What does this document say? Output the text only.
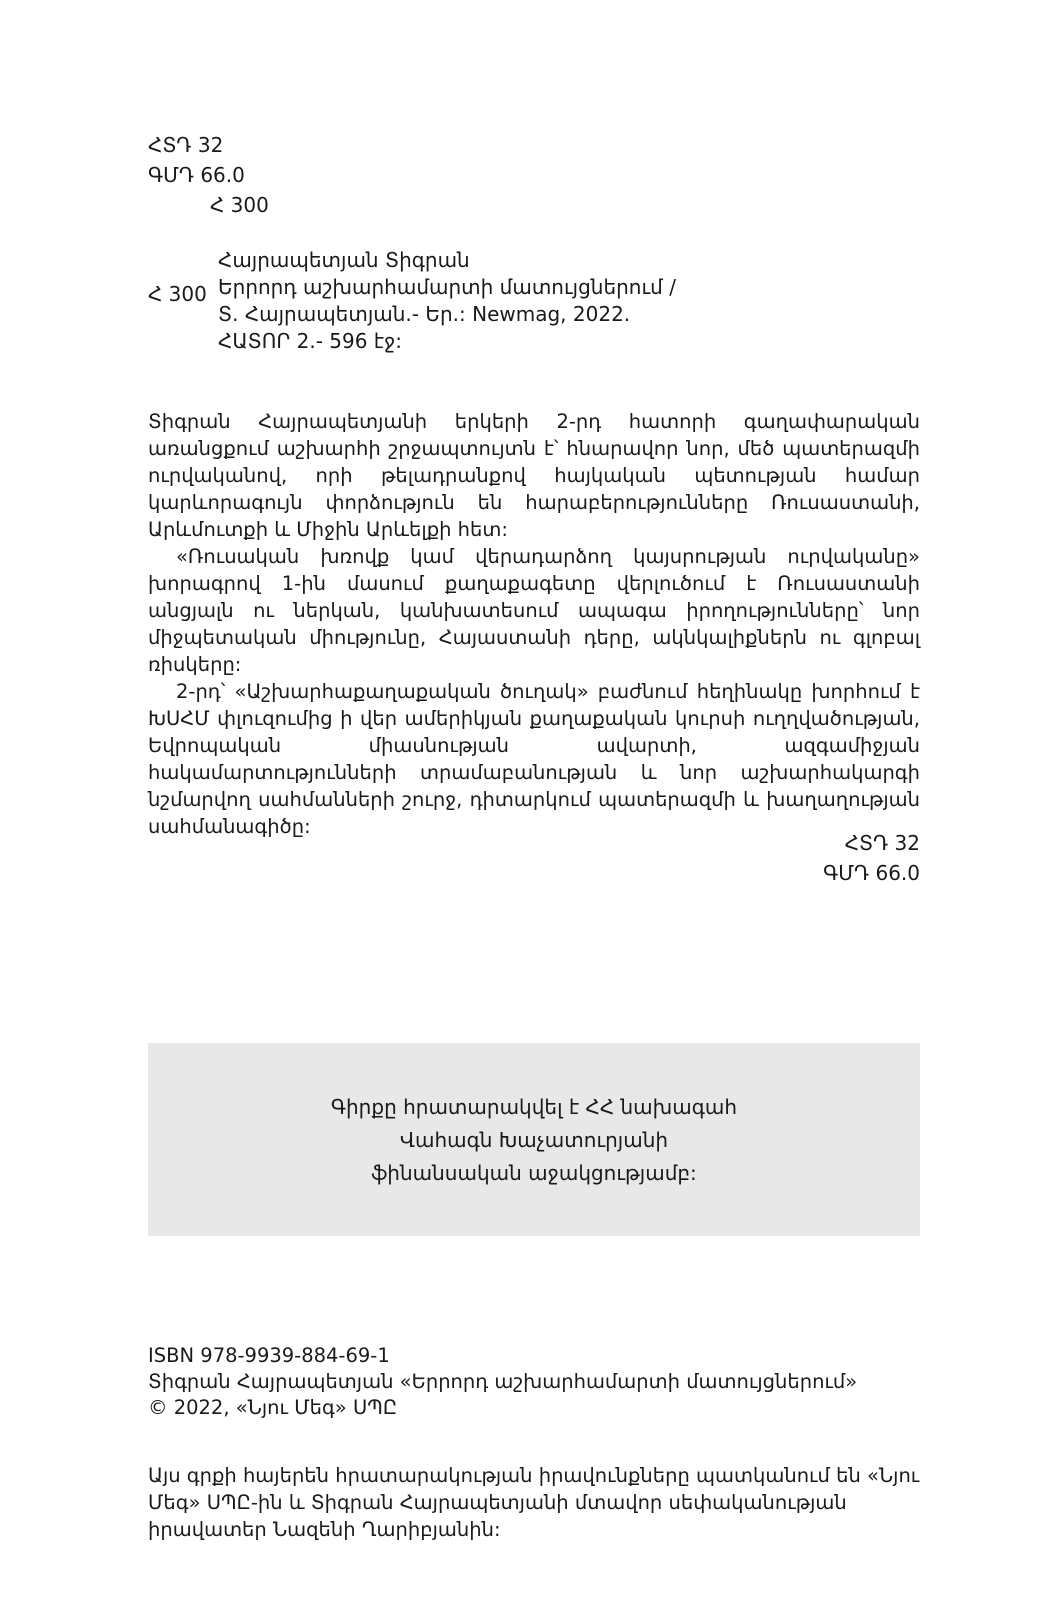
ՀՏԴ 32
ԳՄԴ 66.0
Հ 300
Հ 300
Հայրապետյան Տիգրան
Երրորդ աշխարհամարտի մատույցներում /
Տ. Հայրապետյան.- Եր.: Newmag, 2022.
ՀԱՏՈՐ 2.- 596 էջ:

Տիգրան Հայրապետյանի երկերի 2-րդ հատորի գաղափարական առանցքում աշխարհի շրջապտույտն է՝ հնարավոր նոր, մեծ պատերազմի ուրվականով, որի թելադրանքով հայկական պետության համար կարևորագույն փորձություն են հարաբերությունները Ռուսաստանի, Արևմուտքի և Միջին Արևելքի հետ:

«Ռուսական խռովք կամ վերադարձող կայսրության ուրվականը» խորագրով 1-ին մասում քաղաքագետը վերլուծում է Ռուսաստանի անցյալն ու ներկան, կանխատեսում ապագա իրողությունները՝ նոր միջպետական միությունը, Հայաստանի դերը, ակնկալիքներն ու գլոբալ ռիսկերը:

2-րդ՝ «Աշխարհաքաղաքական ծուղակ» բաժնում հեղինակը խորհում է ԽՍՀՄ փլուզումից ի վեր ամերիկյան քաղաքական կուրսի ուղղվածության, Եվրոպական միասնության ավարտի, ազգամիջյան հակամարտությունների տրամաբանության և նոր աշխարհակարգի նշմարվող սահմանների շուրջ, դիտարկում պատերազմի և խաղաղության սահմանագիծը:

ՀՏԴ 32
ԳՄԴ 66.0
Գիրքը հրատարակվել է ՀՀ նախագահ
Վահագն Խաչատուրյանի
ֆինանսական աջակցությամբ:
ISBN 978-9939-884-69-1
Տիգրան Հայրապետյան «Երրորդ աշխարհամարտի մատույցներում»
© 2022, «Նյու Մեգ» ՍՊԸ
Այս գրքի հայերեն հրատարակության իրավունքները պատկանում են «Նյու Մեգ» ՍՊԸ-ին և Տիգրան Հայրապետյանի մտավոր սեփականության իրավատեր Նազենի Ղարիբյանին:
